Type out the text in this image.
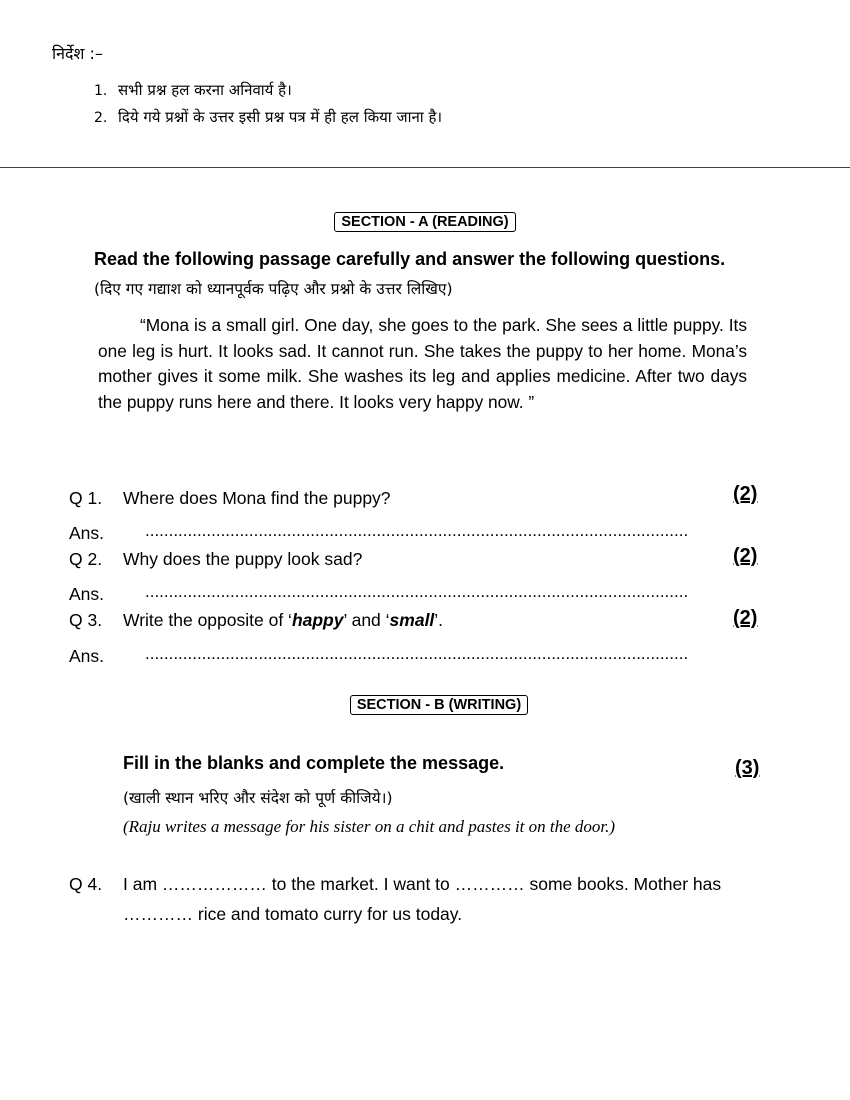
निर्देश :–
1. सभी प्रश्न हल करना अनिवार्य है।
2. दिये गये प्रश्नों के उत्तर इसी प्रश्न पत्र में ही हल किया जाना है।
SECTION - A (READING)
Read the following passage carefully and answer the following questions.
(दिए गए गद्याश को ध्यानपूर्वक पढ़िए और प्रश्नो के उत्तर लिखिए)

“Mona is a small girl. One day, she goes to the park. She sees a little puppy. Its one leg is hurt. It looks sad. It cannot run. She takes the puppy to her home. Mona’s mother gives it some milk. She washes its leg and applies medicine. After two days the puppy runs here and there. It looks very happy now. ”

Q 1. Where does Mona find the puppy?	(2)
Ans. ...................................................................................................................
Q 2. Why does the puppy look sad?	(2)
Ans. ...................................................................................................................
Q 3. Write the opposite of ‘happy’ and ‘small’.	(2)
Ans. ...................................................................................................................
SECTION - B (WRITING)
Fill in the blanks and complete the message.	(3)
(खाली स्थान भरिए और संदेश को पूर्ण कीजिये।)
(Raju writes a message for his sister on a chit and pastes it on the door.)
Q 4. I am ……………… to the market. I want to ………… some books. Mother has
………… rice and tomato curry for us today.
